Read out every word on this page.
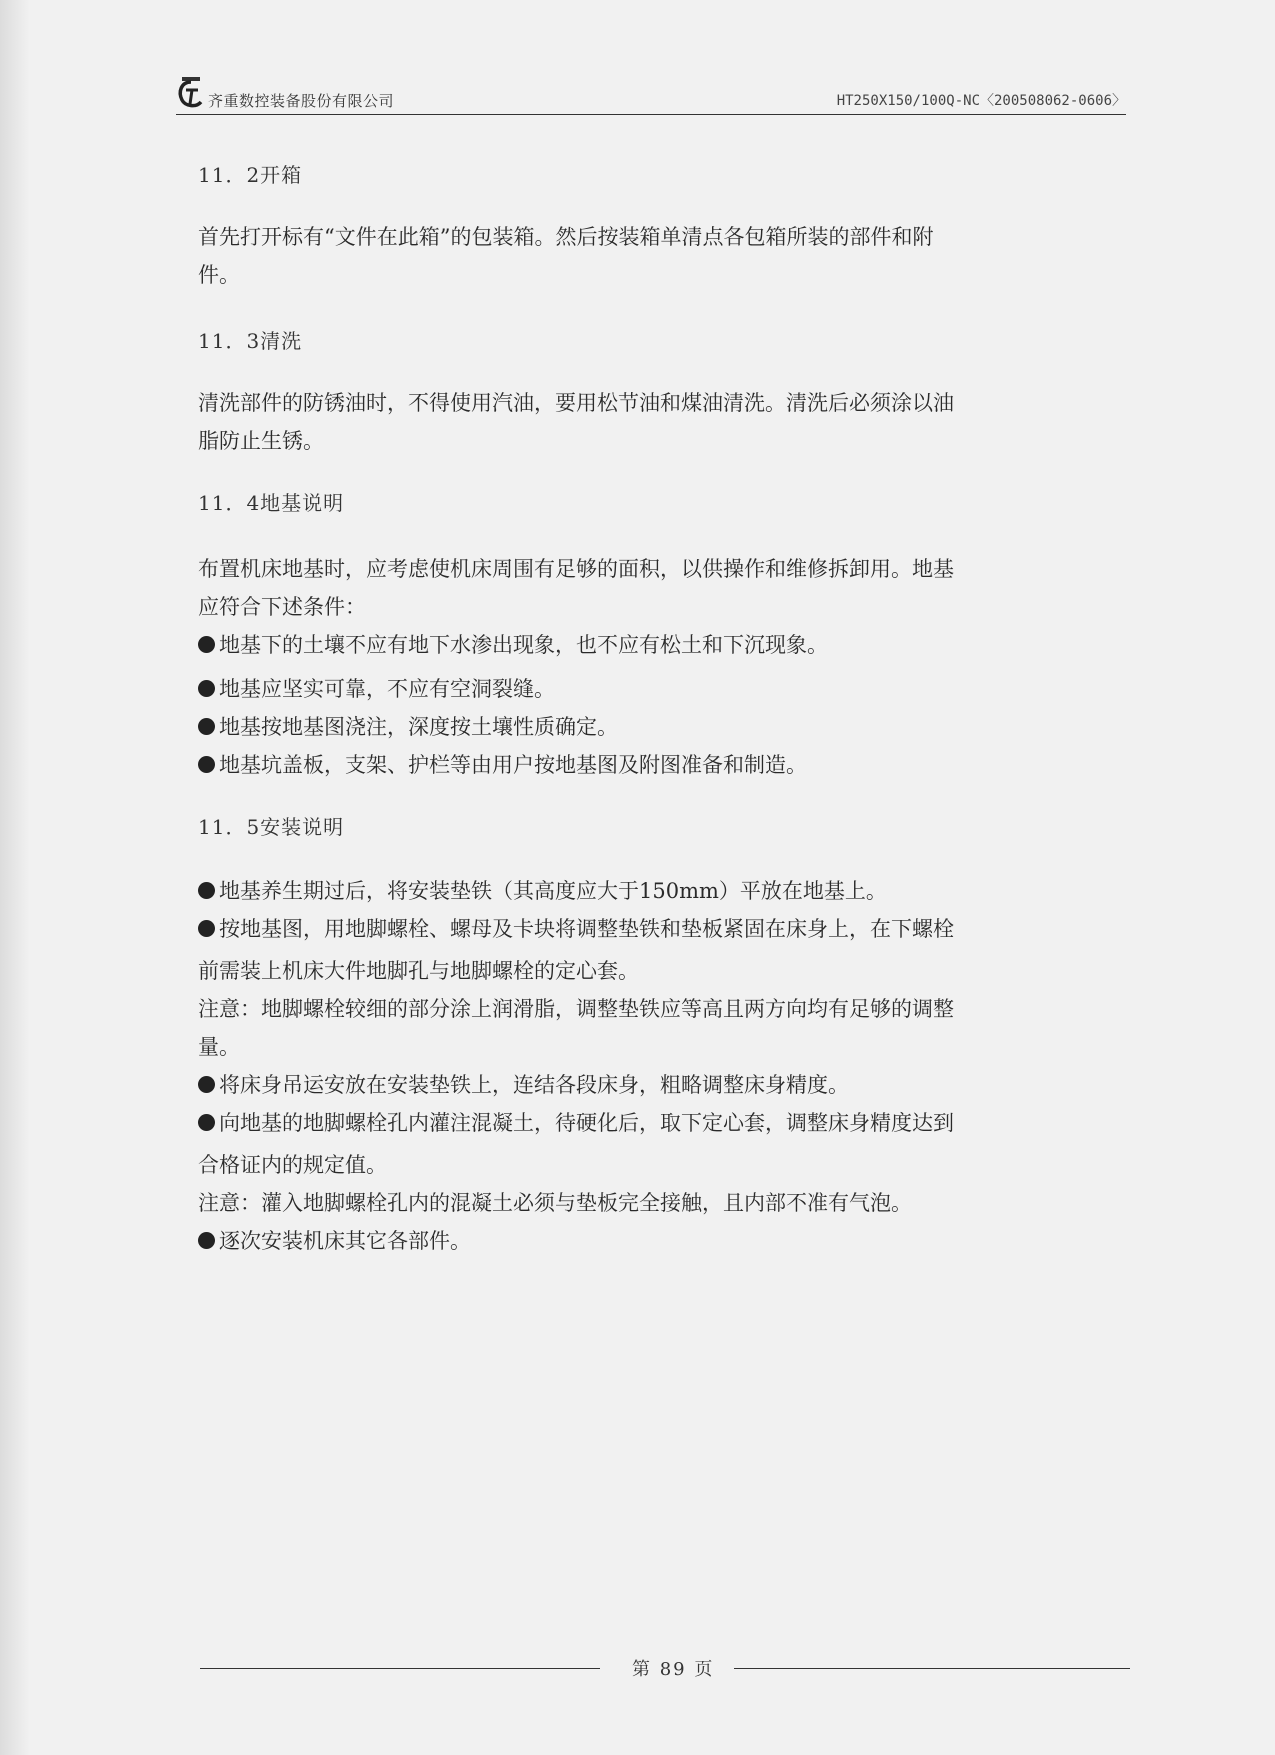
齐重数控装备股份有限公司	HT250X150/100Q-NC〈200508062-0606〉
11．2开箱
首先打开标有“文件在此箱”的包装箱。然后按装箱单清点各包箱所装的部件和附
件。
11．3清洗
清洗部件的防锈油时，不得使用汽油，要用松节油和煤油清洗。清洗后必须涂以油
脂防止生锈。
11．4地基说明
布置机床地基时，应考虑使机床周围有足够的面积，以供操作和维修拆卸用。地基
应符合下述条件：
地基下的土壤不应有地下水渗出现象，也不应有松土和下沉现象。
地基应坚实可靠，不应有空洞裂缝。
地基按地基图浇注，深度按土壤性质确定。
地基坑盖板，支架、护栏等由用户按地基图及附图准备和制造。
11．5安装说明
地基养生期过后，将安装垫铁（其高度应大于150mm）平放在地基上。
按地基图，用地脚螺栓、螺母及卡块将调整垫铁和垫板紧固在床身上，在下螺栓
前需装上机床大件地脚孔与地脚螺栓的定心套。
注意：地脚螺栓较细的部分涂上润滑脂，调整垫铁应等高且两方向均有足够的调整
量。
将床身吊运安放在安装垫铁上，连结各段床身，粗略调整床身精度。
向地基的地脚螺栓孔内灌注混凝土，待硬化后，取下定心套，调整床身精度达到
合格证内的规定值。
注意：灌入地脚螺栓孔内的混凝土必须与垫板完全接触，且内部不准有气泡。
逐次安装机床其它各部件。
第 89 页
